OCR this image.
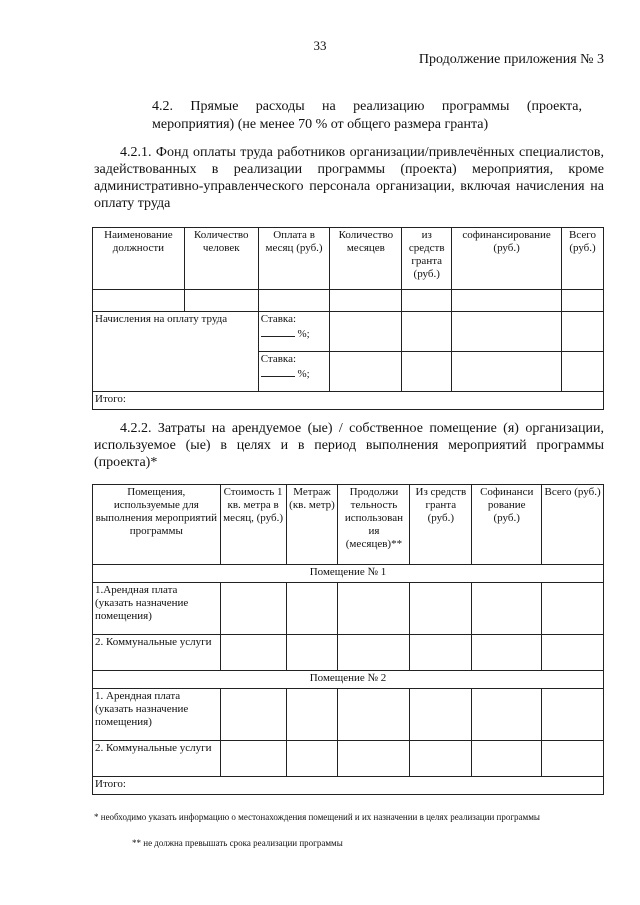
33
Продолжение приложения № 3
4.2. Прямые расходы на реализацию программы (проекта, мероприятия) (не менее 70 % от общего размера гранта)
4.2.1. Фонд оплаты труда работников организации/привлечённых специалистов, задействованных в реализации программы (проекта) мероприятия, кроме административно-управленческого персонала организации, включая начисления на оплату труда
Наименование должности	Количество человек	Оплата в месяц (руб.)	Количество месяцев	из средств гранта (руб.)	софинансирование (руб.)	Всего (руб.)

Начисления на оплату труда		Ставка:
%;				
		Ставка:
%;				
Итого:						
4.2.2. Затраты на арендуемое (ые) / собственное помещение (я) организации, используемое (ые) в целях и в период выполнения мероприятий программы (проекта)*
Помещения, используемые для выполнения мероприятий программы	Стоимость 1 кв. метра в месяц, (руб.)	Метраж (кв. метр)	Продолжи тельность использован ия (месяцев)**	Из средств гранта (руб.)	Софинанси рование (руб.)	Всего (руб.)
Помещение № 1						
1.Арендная плата (указать назначение помещения)						
2. Коммунальные услуги						
Помещение № 2						
1. Арендная плата (указать назначение помещения)						
2. Коммунальные услуги						
Итого:						
* необходимо указать информацию о местонахождения помещений и их назначении в целях реализации программы
** не должна превышать срока реализации программы
